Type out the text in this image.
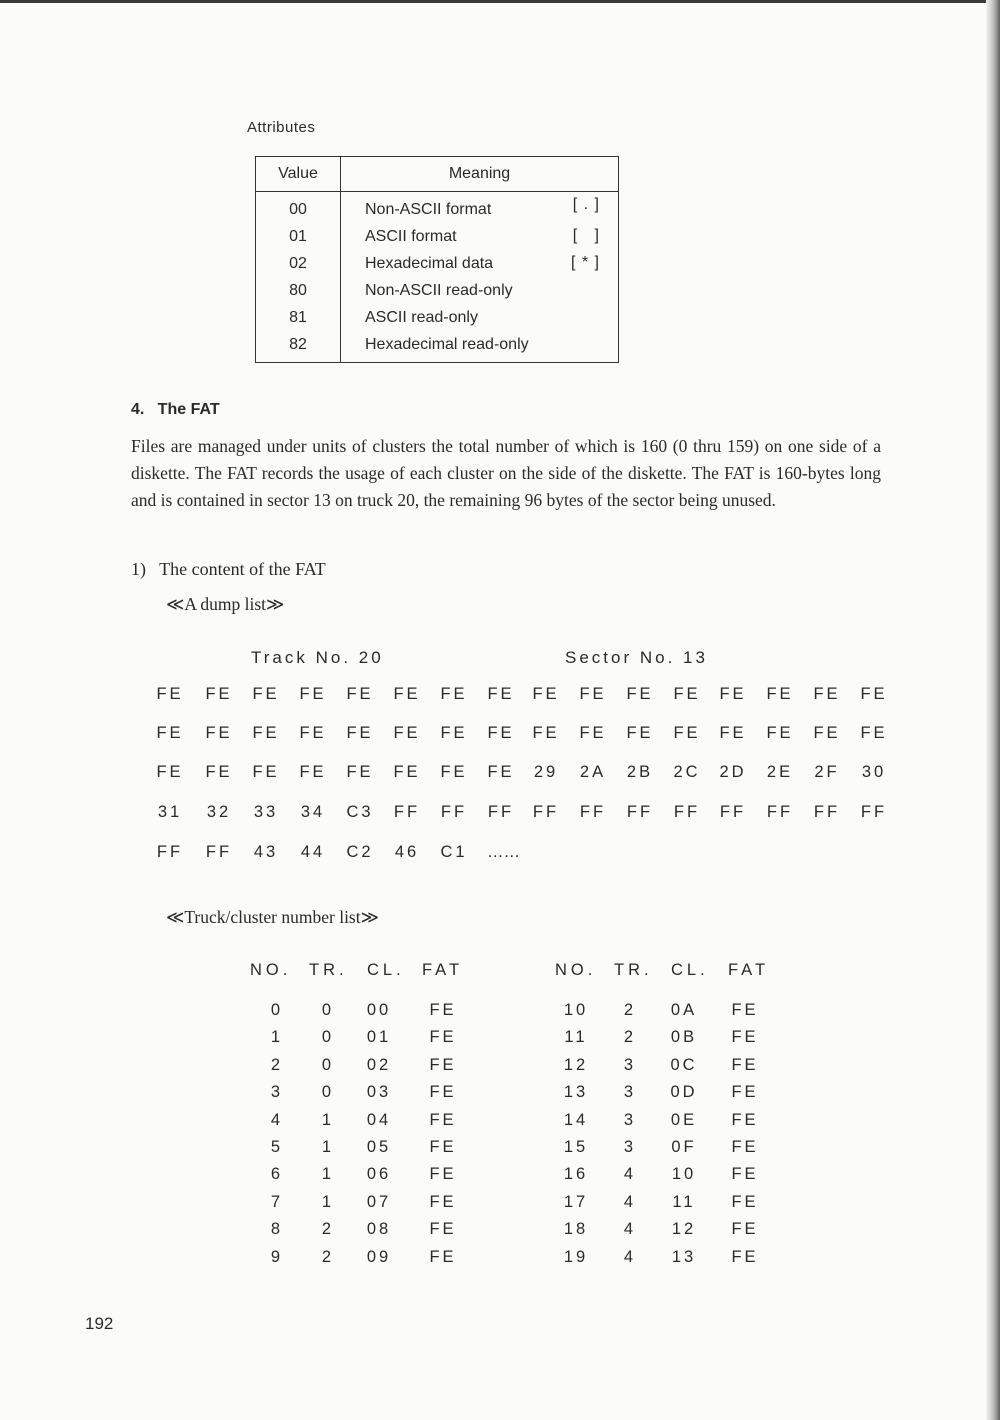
Attributes
Value	Meaning
00	Non-ASCII format [ . ]

01	ASCII format [   ]

02	Hexadecimal data [ * ]

80	Non-ASCII read-only
81	ASCII read-only
82	Hexadecimal read-only
4.   The FAT
Files are managed under units of clusters the total number of which is 160 (0 thru 159) on one side of a diskette. The FAT records the usage of each cluster on the side of the diskette. The FAT is 160-bytes long and is contained in sector 13 on truck 20, the remaining 96 bytes of the sector being unused.
1)   The content of the FAT
≪A dump list≫
Track No. 20	Sector No. 13
FE	FE	FE	FE	FE	FE	FE	FE	FE	FE	FE	FE	FE	FE	FE	FE
FE	FE	FE	FE	FE	FE	FE	FE	FE	FE	FE	FE	FE	FE	FE	FE
FE	FE	FE	FE	FE	FE	FE	FE	29	2A	2B	2C	2D	2E	2F	30
31	32	33	34	C3	FF	FF	FF	FF	FF	FF	FF	FF	FF	FF	FF
FF	FF	43	44	C2	46	C1	……
≪Truck/cluster number list≫
NO. TR. CL. FAT
0	0	00	FE
1	0	01	FE
2	0	02	FE
3	0	03	FE
4	1	04	FE
5	1	05	FE
6	1	06	FE
7	1	07	FE
8	2	08	FE
9	2	09	FE
NO. TR. CL. FAT
10	2	0A	FE
11	2	0B	FE
12	3	0C	FE
13	3	0D	FE
14	3	0E	FE
15	3	0F	FE
16	4	10	FE
17	4	11	FE
18	4	12	FE
19	4	13	FE
192
